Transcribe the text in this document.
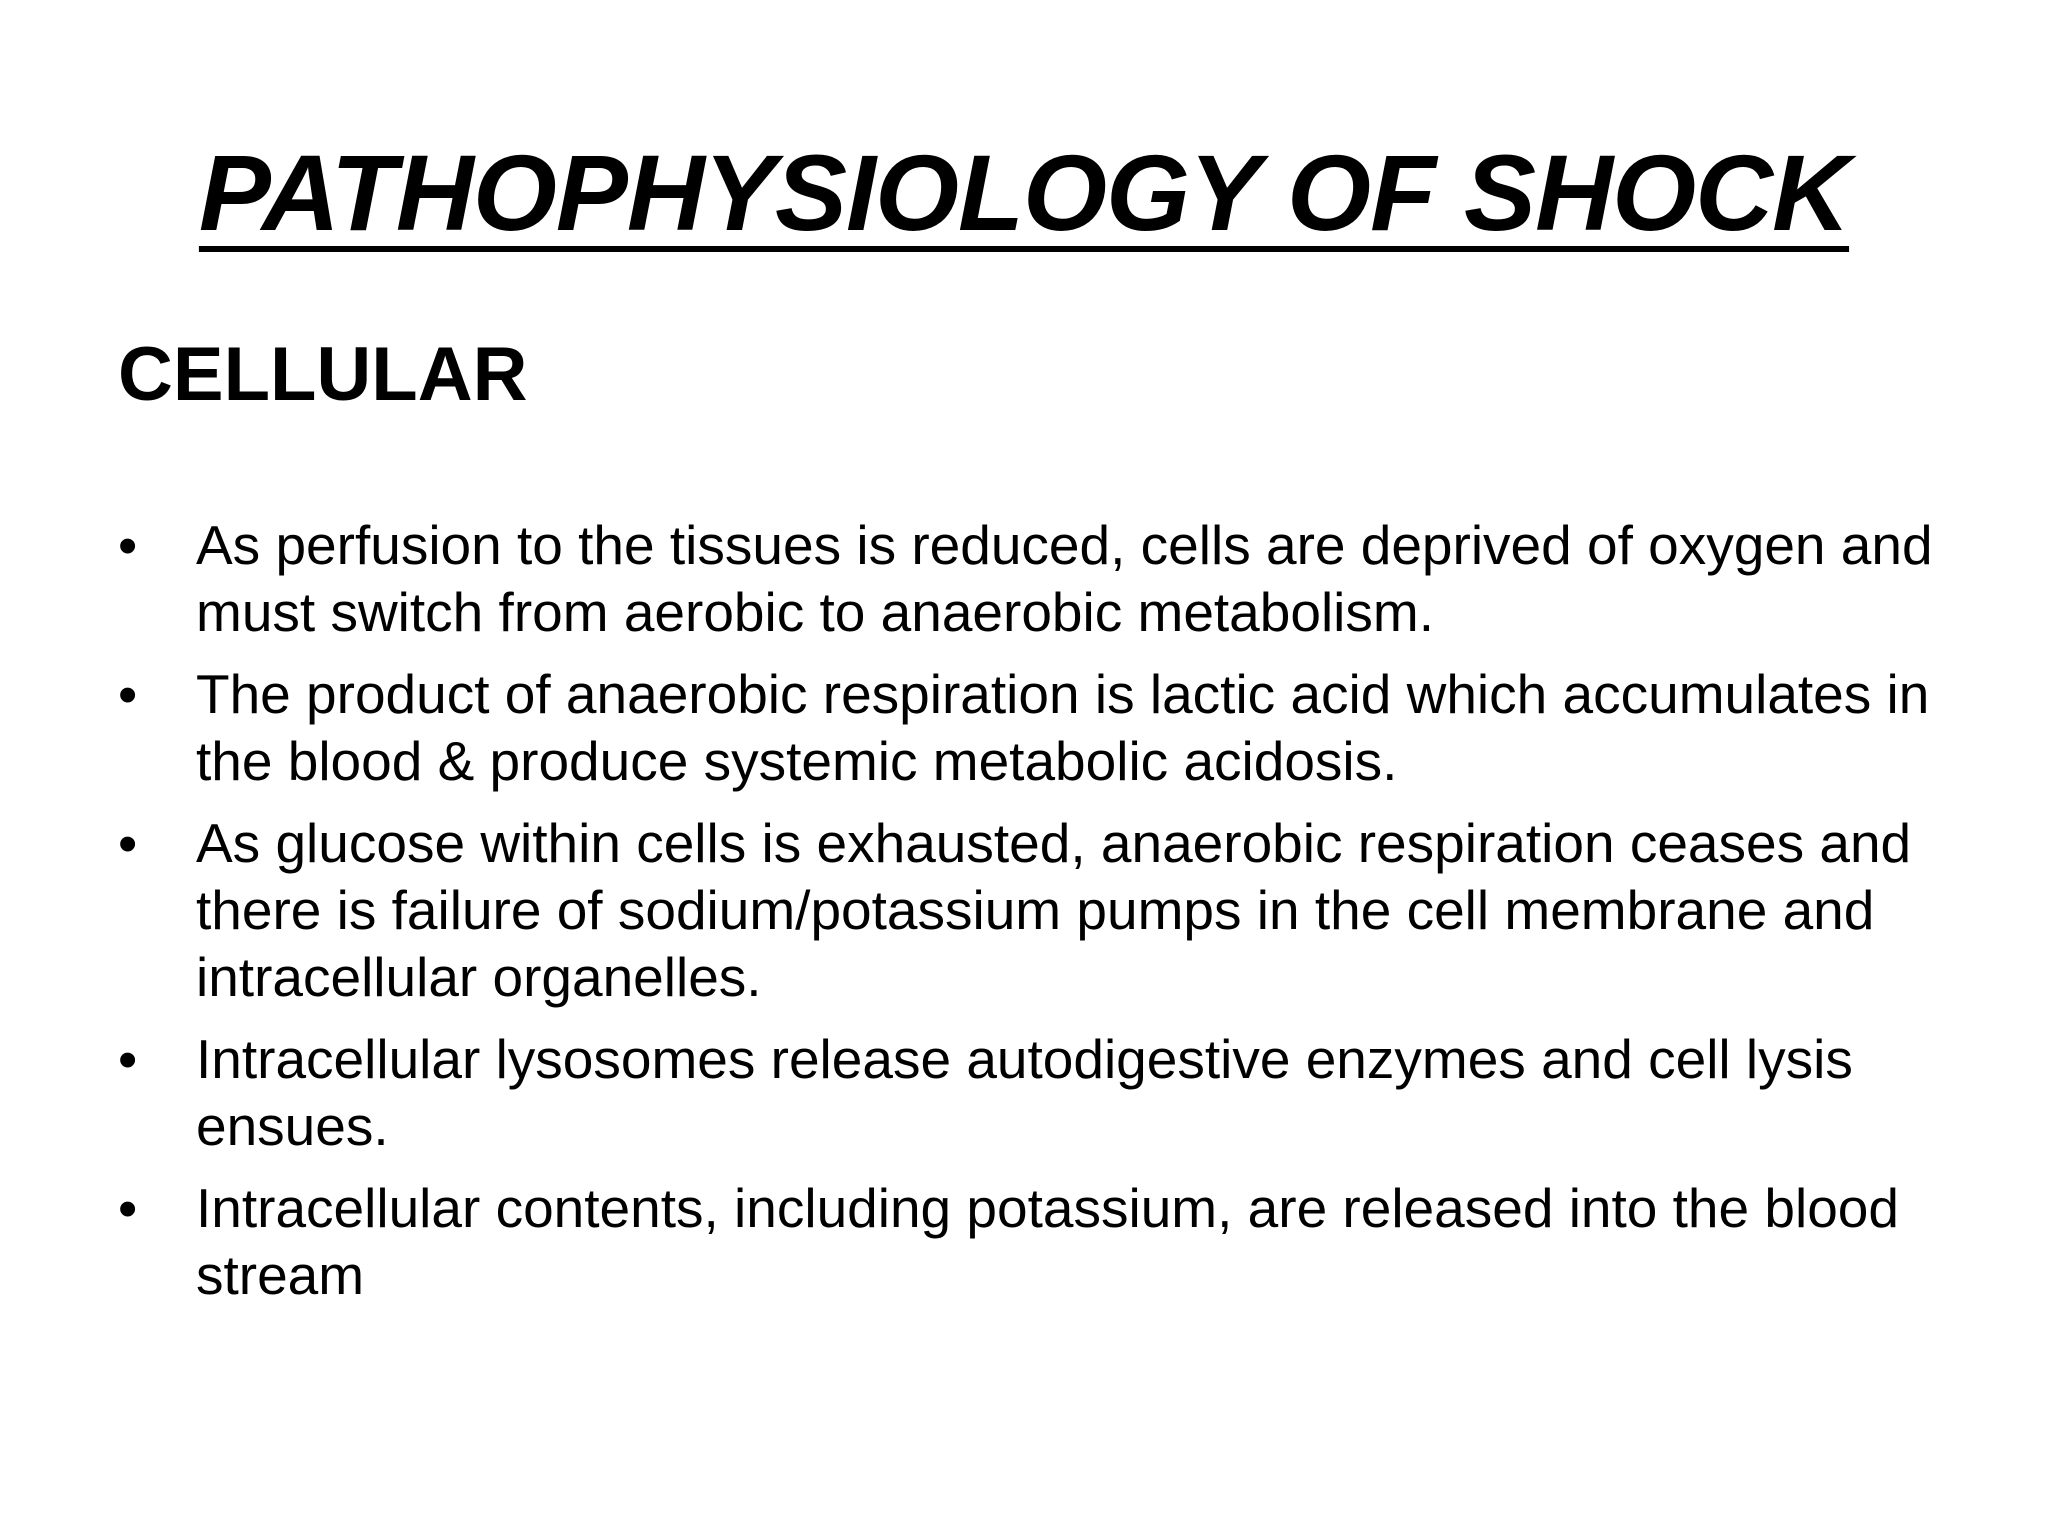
PATHOPHYSIOLOGY OF SHOCK
CELLULAR
•	As perfusion to the tissues is reduced, cells are deprived of oxygen and must switch from aerobic to anaerobic metabolism.
•	The product of anaerobic respiration is lactic acid which accumulates in the blood & produce systemic metabolic acidosis.
•	As glucose within cells is exhausted, anaerobic respiration ceases and there is failure of sodium/potassium pumps in the cell membrane and intracellular organelles.
•	Intracellular lysosomes release autodigestive enzymes and cell lysis ensues.
•	Intracellular contents, including potassium, are released into the blood stream
